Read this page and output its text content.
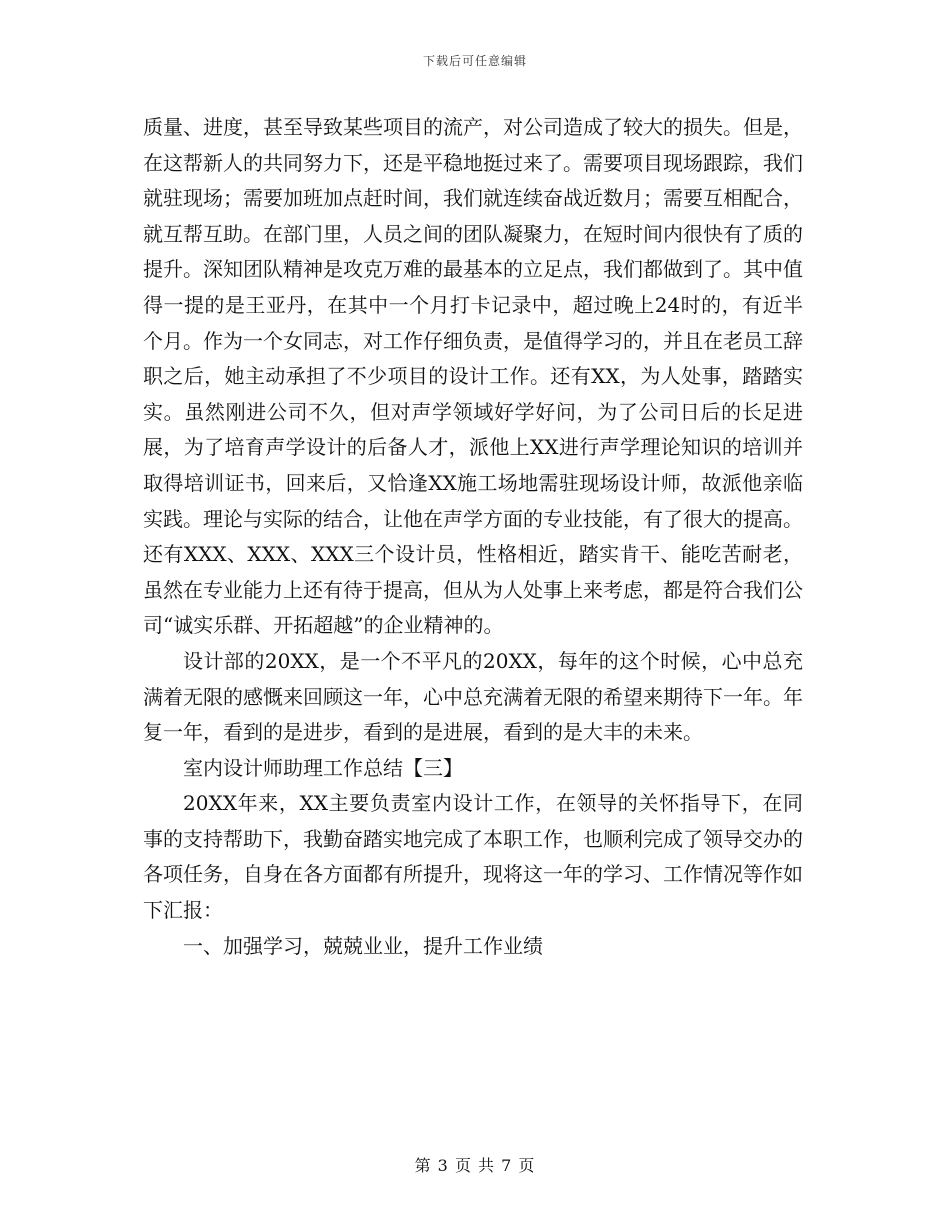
下载后可任意编辑

质量、进度，甚至导致某些项目的流产，对公司造成了较大的损失。但是，在这帮新人的共同努力下，还是平稳地挺过来了。需要项目现场跟踪，我们就驻现场；需要加班加点赶时间，我们就连续奋战近数月；需要互相配合，就互帮互助。在部门里，人员之间的团队凝聚力，在短时间内很快有了质的提升。深知团队精神是攻克万难的最基本的立足点，我们都做到了。其中值得一提的是王亚丹，在其中一个月打卡记录中，超过晚上24时的，有近半个月。作为一个女同志，对工作仔细负责，是值得学习的，并且在老员工辞职之后，她主动承担了不少项目的设计工作。还有XX，为人处事，踏踏实实。虽然刚进公司不久，但对声学领域好学好问，为了公司日后的长足进展，为了培育声学设计的后备人才，派他上XX进行声学理论知识的培训并取得培训证书，回来后，又恰逢XX施工场地需驻现场设计师，故派他亲临实践。理论与实际的结合，让他在声学方面的专业技能，有了很大的提高。还有XXX、XXX、XXX三个设计员，性格相近，踏实肯干、能吃苦耐老，虽然在专业能力上还有待于提高，但从为人处事上来考虑，都是符合我们公司“诚实乐群、开拓超越”的企业精神的。

设计部的20XX，是一个不平凡的20XX，每年的这个时候，心中总充满着无限的感慨来回顾这一年，心中总充满着无限的希望来期待下一年。年复一年，看到的是进步，看到的是进展，看到的是大丰的未来。

室内设计师助理工作总结【三】

20XX年来，XX主要负责室内设计工作，在领导的关怀指导下，在同事的支持帮助下，我勤奋踏实地完成了本职工作，也顺利完成了领导交办的各项任务，自身在各方面都有所提升，现将这一年的学习、工作情况等作如下汇报：

一、加强学习，兢兢业业，提升工作业绩

第 3 页 共 7 页
